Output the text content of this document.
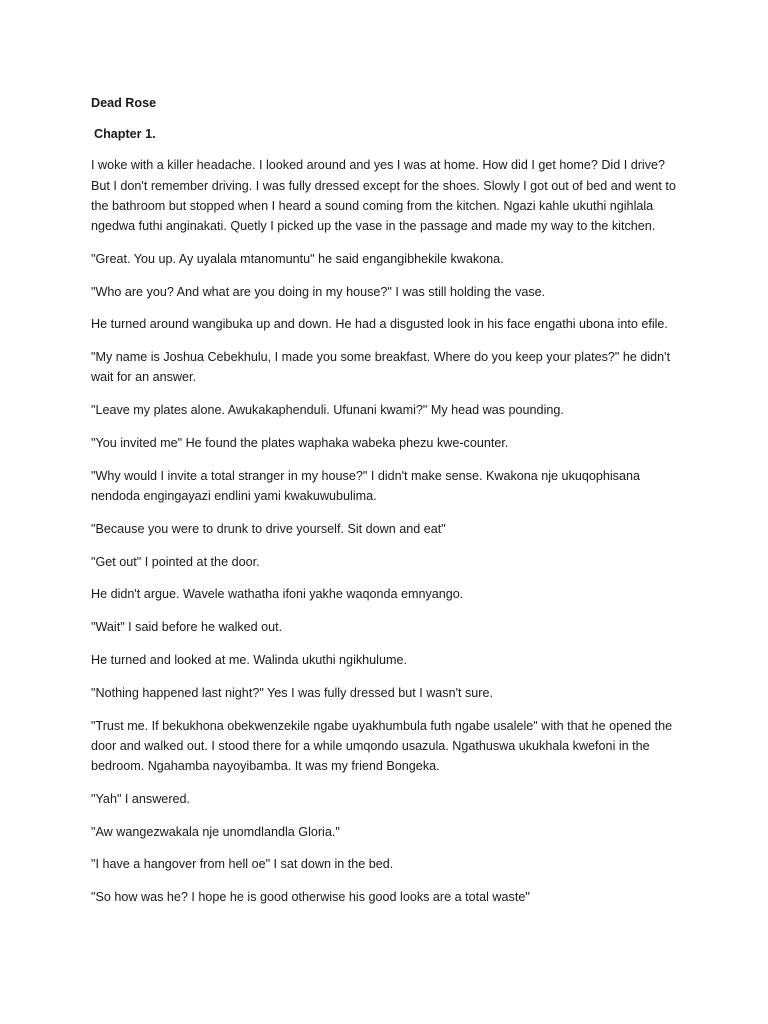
Dead Rose

Chapter 1.

I woke with a killer headache. I looked around and yes I was at home. How did I get home? Did I drive? But I don't remember driving. I was fully dressed except for the shoes. Slowly I got out of bed and went to the bathroom but stopped when I heard a sound coming from the kitchen. Ngazi kahle ukuthi ngihlala ngedwa futhi anginakati. Quetly I picked up the vase in the passage and made my way to the kitchen.

"Great. You up. Ay uyalala mtanomuntu" he said engangibhekile kwakona.

"Who are you? And what are you doing in my house?" I was still holding the vase.

He turned around wangibuka up and down. He had a disgusted look in his face engathi ubona into efile.

"My name is Joshua Cebekhulu, I made you some breakfast. Where do you keep your plates?" he didn't wait for an answer.

"Leave my plates alone. Awukakaphenduli. Ufunani kwami?" My head was pounding.

"You invited me" He found the plates waphaka wabeka phezu kwe-counter.

"Why would I invite a total stranger in my house?" I didn't make sense. Kwakona nje ukuqophisana nendoda engingayazi endlini yami kwakuwubulima.

"Because you were to drunk to drive yourself. Sit down and eat"

"Get out" I pointed at the door.

He didn't argue. Wavele wathatha ifoni yakhe waqonda emnyango.

"Wait" I said before he walked out.

He turned and looked at me. Walinda ukuthi ngikhulume.

"Nothing happened last night?" Yes I was fully dressed but I wasn't sure.

"Trust me. If bekukhona obekwenzekile ngabe uyakhumbula futh ngabe usalele" with that he opened the door and walked out. I stood there for a while umqondo usazula. Ngathuswa ukukhala kwefoni in the bedroom. Ngahamba nayoyibamba. It was my friend Bongeka.

"Yah" I answered.

"Aw wangezwakala nje unomdlandla Gloria."

"I have a hangover from hell oe" I sat down in the bed.

"So how was he? I hope he is good otherwise his good looks are a total waste"
